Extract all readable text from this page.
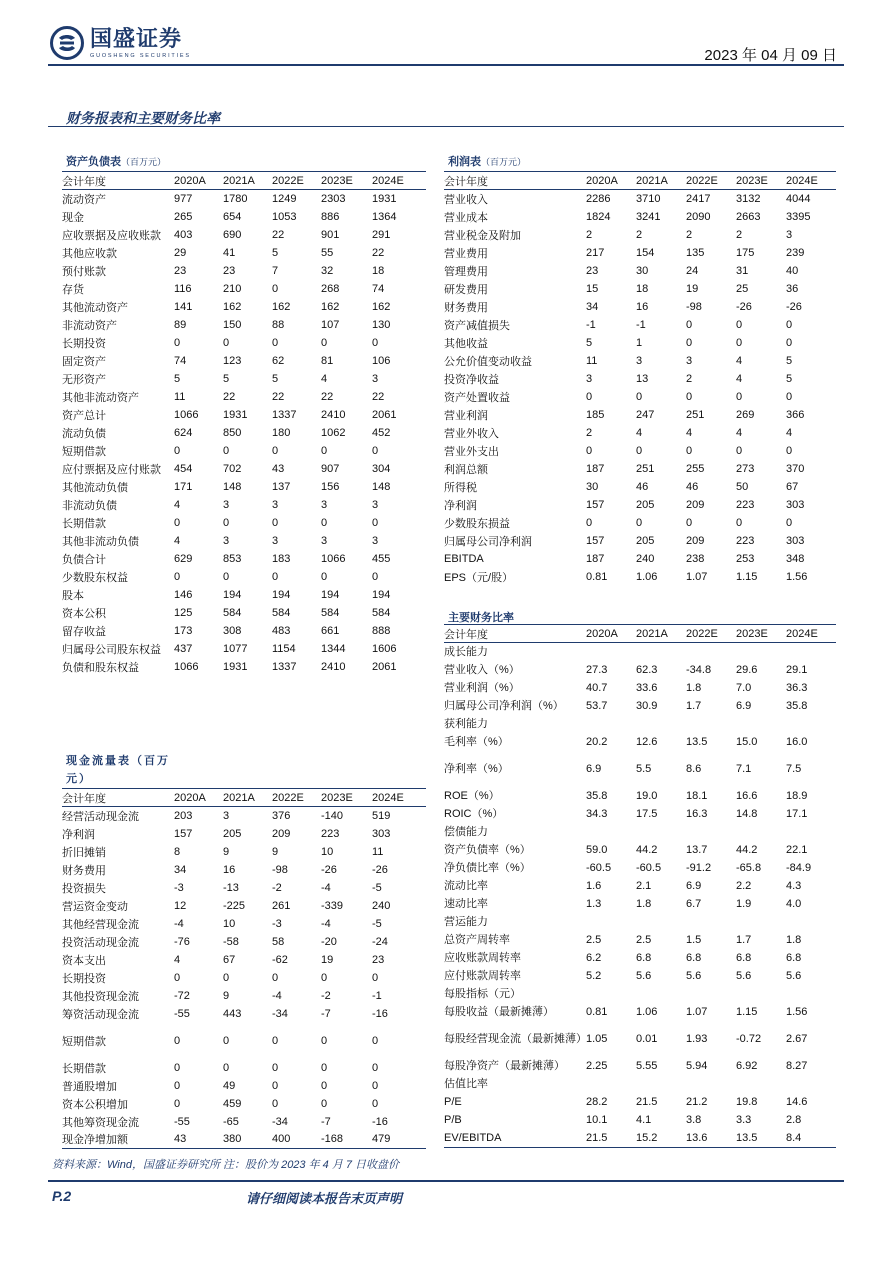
国盛证券
GUOSHENG SECURITIES	2023 年 04 月 09 日
财务报表和主要财务比率
资产负债表（百万元）
会计年度	2020A	2021A	2022E	2023E	2024E
流动资产	977	1780	1249	2303	1931
现金	265	654	1053	886	1364
应收票据及应收账款	403	690	22	901	291
其他应收款	29	41	5	55	22
预付账款	23	23	7	32	18
存货	116	210	0	268	74
其他流动资产	141	162	162	162	162
非流动资产	89	150	88	107	130
长期投资	0	0	0	0	0
固定资产	74	123	62	81	106
无形资产	5	5	5	4	3
其他非流动资产	11	22	22	22	22
资产总计	1066	1931	1337	2410	2061
流动负债	624	850	180	1062	452
短期借款	0	0	0	0	0
应付票据及应付账款	454	702	43	907	304
其他流动负债	171	148	137	156	148
非流动负债	4	3	3	3	3
长期借款	0	0	0	0	0
其他非流动负债	4	3	3	3	3
负债合计	629	853	183	1066	455
少数股东权益	0	0	0	0	0
股本	146	194	194	194	194
资本公积	125	584	584	584	584
留存收益	173	308	483	661	888
归属母公司股东权益	437	1077	1154	1344	1606
负债和股东权益	1066	1931	1337	2410	2061
利润表（百万元）
会计年度	2020A	2021A	2022E	2023E	2024E
营业收入	2286	3710	2417	3132	4044
营业成本	1824	3241	2090	2663	3395
营业税金及附加	2	2	2	2	3
营业费用	217	154	135	175	239
管理费用	23	30	24	31	40
研发费用	15	18	19	25	36
财务费用	34	16	-98	-26	-26
资产减值损失	-1	-1	0	0	0
其他收益	5	1	0	0	0
公允价值变动收益	11	3	3	4	5
投资净收益	3	13	2	4	5
资产处置收益	0	0	0	0	0
营业利润	185	247	251	269	366
营业外收入	2	4	4	4	4
营业外支出	0	0	0	0	0
利润总额	187	251	255	273	370
所得税	30	46	46	50	67
净利润	157	205	209	223	303
少数股东损益	0	0	0	0	0
归属母公司净利润	157	205	209	223	303
EBITDA	187	240	238	253	348
EPS（元/股）	0.81	1.06	1.07	1.15	1.56
主要财务比率
会计年度	2020A	2021A	2022E	2023E	2024E
成长能力					
营业收入（%）	27.3	62.3	-34.8	29.6	29.1
营业利润（%）	40.7	33.6	1.8	7.0	36.3
归属母公司净利润（%）	53.7	30.9	1.7	6.9	35.8
获利能力					
毛利率（%）	20.2	12.6	13.5	15.0	16.0
净利率（%）	6.9	5.5	8.6	7.1	7.5
ROE（%）	35.8	19.0	18.1	16.6	18.9
ROIC（%）	34.3	17.5	16.3	14.8	17.1
偿债能力					
资产负债率（%）	59.0	44.2	13.7	44.2	22.1
净负债比率（%）	-60.5	-60.5	-91.2	-65.8	-84.9
流动比率	1.6	2.1	6.9	2.2	4.3
速动比率	1.3	1.8	6.7	1.9	4.0
营运能力					
总资产周转率	2.5	2.5	1.5	1.7	1.8
应收账款周转率	6.2	6.8	6.8	6.8	6.8
应付账款周转率	5.2	5.6	5.6	5.6	5.6
每股指标（元）					
每股收益（最新摊薄）	0.81	1.06	1.07	1.15	1.56
每股经营现金流（最新摊薄）	1.05	0.01	1.93	-0.72	2.67
每股净资产（最新摊薄）	2.25	5.55	5.94	6.92	8.27
估值比率					
P/E	28.2	21.5	21.2	19.8	14.6
P/B	10.1	4.1	3.8	3.3	2.8
EV/EBITDA	21.5	15.2	13.6	13.5	8.4
现金流量表（百万
元）
会计年度	2020A	2021A	2022E	2023E	2024E
经营活动现金流	203	3	376	-140	519
净利润	157	205	209	223	303
折旧摊销	8	9	9	10	11
财务费用	34	16	-98	-26	-26
投资损失	-3	-13	-2	-4	-5
营运资金变动	12	-225	261	-339	240
其他经营现金流	-4	10	-3	-4	-5
投资活动现金流	-76	-58	58	-20	-24
资本支出	4	67	-62	19	23
长期投资	0	0	0	0	0
其他投资现金流	-72	9	-4	-2	-1
筹资活动现金流	-55	443	-34	-7	-16
短期借款	0	0	0	0	0
长期借款	0	0	0	0	0
普通股增加	0	49	0	0	0
资本公积增加	0	459	0	0	0
其他筹资现金流	-55	-65	-34	-7	-16
现金净增加额	43	380	400	-168	479
资料来源：Wind，国盛证券研究所 注：股价为 2023 年 4 月 7 日收盘价
P.2	请仔细阅读本报告末页声明
